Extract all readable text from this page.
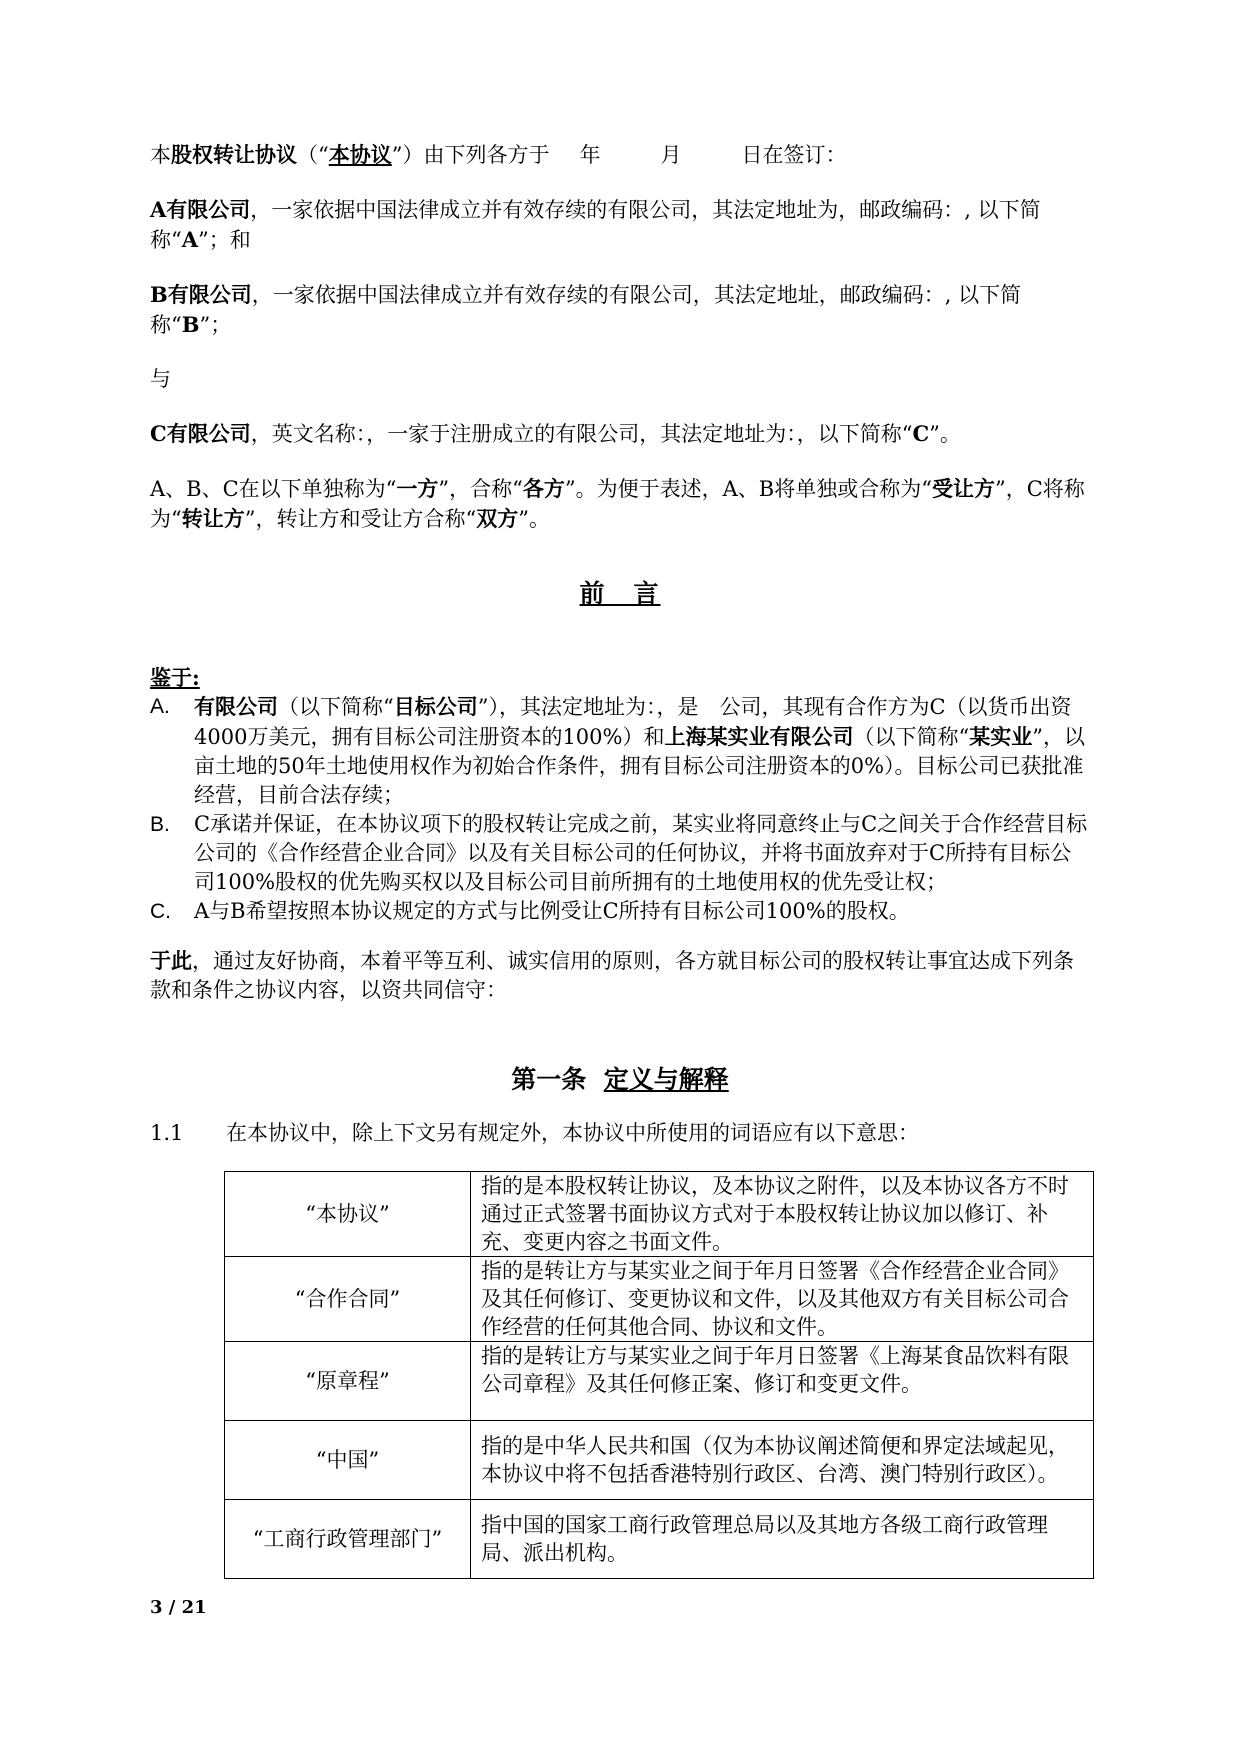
本股权转让协议（“本协议”）由下列各方于 年	月	日在签订：

A有限公司，一家依据中国法律成立并有效存续的有限公司，其法定地址为，邮政编码：, 以下简称“A”；和

B有限公司，一家依据中国法律成立并有效存续的有限公司，其法定地址，邮政编码：, 以下简称“B”；

与

C有限公司，英文名称：，一家于注册成立的有限公司，其法定地址为：，以下简称“C”。

A、B、C在以下单独称为“一方”，合称“各方”。为便于表述，A、B将单独或合称为“受让方”，C将称为“转让方”，转让方和受让方合称“双方”。

前　言

鉴于:

A.	有限公司（以下简称“目标公司”），其法定地址为：，是　公司，其现有合作方为C（以货币出资4000万美元，拥有目标公司注册资本的100%）和上海某实业有限公司（以下简称“某实业”，以　亩土地的50年土地使用权作为初始合作条件，拥有目标公司注册资本的0%）。目标公司已获批准经营，目前合法存续；
B.	C承诺并保证，在本协议项下的股权转让完成之前，某实业将同意终止与C之间关于合作经营目标公司的《合作经营企业合同》以及有关目标公司的任何协议，并将书面放弃对于C所持有目标公司100%股权的优先购买权以及目标公司目前所拥有的土地使用权的优先受让权；
C.	A与B希望按照本协议规定的方式与比例受让C所持有目标公司100%的股权。

于此，通过友好协商，本着平等互利、诚实信用的原则，各方就目标公司的股权转让事宜达成下列条款和条件之协议内容，以资共同信守：

第一条 定义与解释
1.1	在本协议中，除上下文另有规定外，本协议中所使用的词语应有以下意思：
“本协议”	指的是本股权转让协议，及本协议之附件，以及本协议各方不时通过正式签署书面协议方式对于本股权转让协议加以修订、补充、变更内容之书面文件。
“合作合同”	指的是转让方与某实业之间于年月日签署《合作经营企业合同》及其任何修订、变更协议和文件，以及其他双方有关目标公司合作经营的任何其他合同、协议和文件。
“原章程”	指的是转让方与某实业之间于年月日签署《上海某食品饮料有限公司章程》及其任何修正案、修订和变更文件。
“中国”	指的是中华人民共和国（仅为本协议阐述简便和界定法域起见，本协议中将不包括香港特别行政区、台湾、澳门特别行政区）。
“工商行政管理部门”	指中国的国家工商行政管理总局以及其地方各级工商行政管理局、派出机构。
3 / 21
